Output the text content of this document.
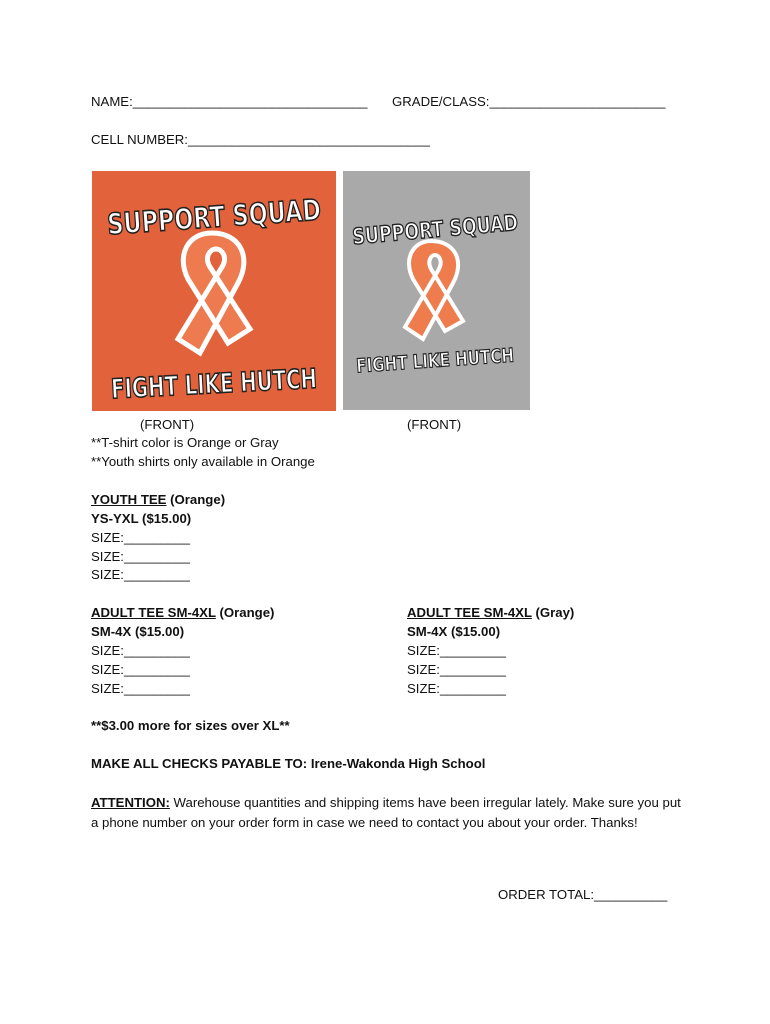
NAME:________________________________ GRADE/CLASS:________________________
CELL NUMBER:_________________________________
SUPPORT SQUAD
FIGHT LIKE HUTCH
SUPPORT SQUAD
FIGHT LIKE HUTCH
(FRONT)	(FRONT)
**T-shirt color is Orange or Gray
**Youth shirts only available in Orange
YOUTH TEE (Orange)
YS-YXL ($15.00)
SIZE:_________
SIZE:_________
SIZE:_________
ADULT TEE SM-4XL (Orange)
SM-4X ($15.00)
SIZE:_________
SIZE:_________
SIZE:_________
ADULT TEE SM-4XL (Gray)
SM-4X ($15.00)
SIZE:_________
SIZE:_________
SIZE:_________
**$3.00 more for sizes over XL**
MAKE ALL CHECKS PAYABLE TO: Irene-Wakonda High School
ATTENTION: Warehouse quantities and shipping items have been irregular lately. Make sure you put a phone number on your order form in case we need to contact you about your order. Thanks!
ORDER TOTAL:__________
